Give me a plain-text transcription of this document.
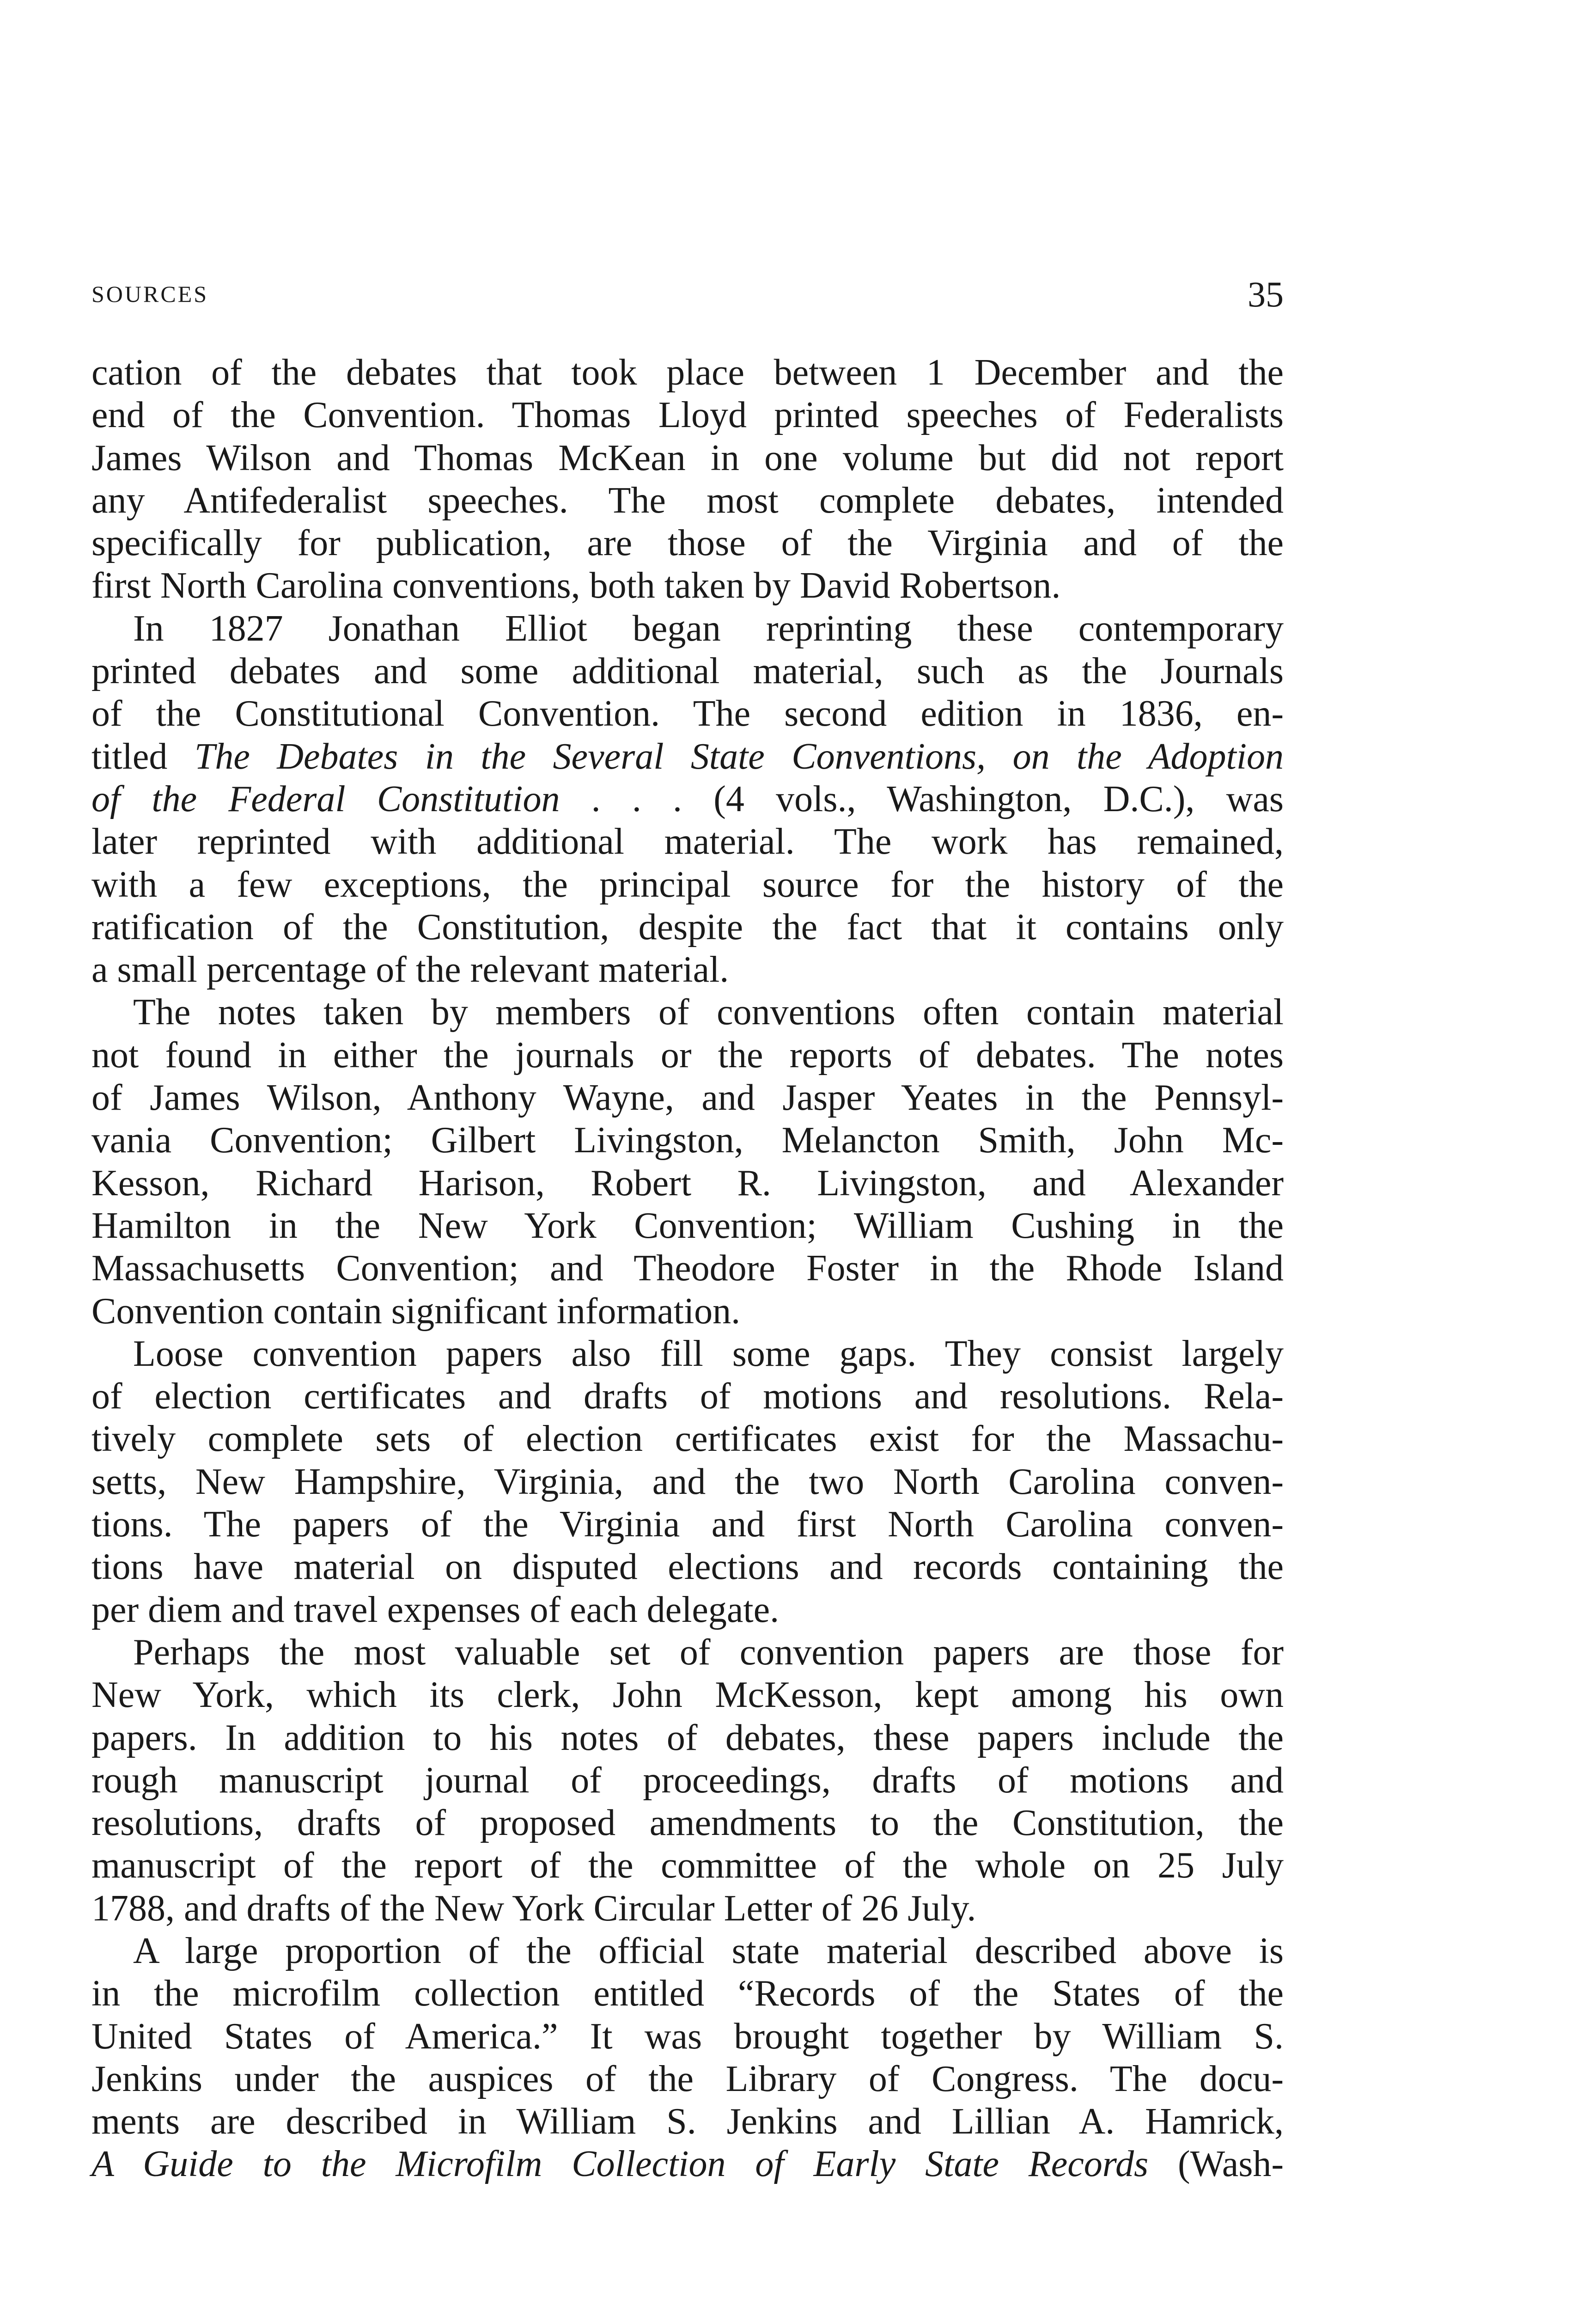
SOURCES	35
cation of the debates that took place between 1 December and the
end of the Convention. Thomas Lloyd printed speeches of Federalists
James Wilson and Thomas McKean in one volume but did not report
any Antifederalist speeches. The most complete debates, intended
specifically for publication, are those of the Virginia and of the
first North Carolina conventions, both taken by David Robertson.
In 1827 Jonathan Elliot began reprinting these contemporary
printed debates and some additional material, such as the Journals
of the Constitutional Convention. The second edition in 1836, en-
titled The Debates in the Several State Conventions, on the Adoption
of the Federal Constitution . . . (4 vols., Washington, D.C.), was
later reprinted with additional material. The work has remained,
with a few exceptions, the principal source for the history of the
ratification of the Constitution, despite the fact that it contains only
a small percentage of the relevant material.
The notes taken by members of conventions often contain material
not found in either the journals or the reports of debates. The notes
of James Wilson, Anthony Wayne, and Jasper Yeates in the Pennsyl-
vania Convention; Gilbert Livingston, Melancton Smith, John Mc-
Kesson, Richard Harison, Robert R. Livingston, and Alexander
Hamilton in the New York Convention; William Cushing in the
Massachusetts Convention; and Theodore Foster in the Rhode Island
Convention contain significant information.
Loose convention papers also fill some gaps. They consist largely
of election certificates and drafts of motions and resolutions. Rela-
tively complete sets of election certificates exist for the Massachu-
setts, New Hampshire, Virginia, and the two North Carolina conven-
tions. The papers of the Virginia and first North Carolina conven-
tions have material on disputed elections and records containing the
per diem and travel expenses of each delegate.
Perhaps the most valuable set of convention papers are those for
New York, which its clerk, John McKesson, kept among his own
papers. In addition to his notes of debates, these papers include the
rough manuscript journal of proceedings, drafts of motions and
resolutions, drafts of proposed amendments to the Constitution, the
manuscript of the report of the committee of the whole on 25 July
1788, and drafts of the New York Circular Letter of 26 July.
A large proportion of the official state material described above is
in the microfilm collection entitled “Records of the States of the
United States of America.” It was brought together by William S.
Jenkins under the auspices of the Library of Congress. The docu-
ments are described in William S. Jenkins and Lillian A. Hamrick,
A Guide to the Microfilm Collection of Early State Records (Wash-
